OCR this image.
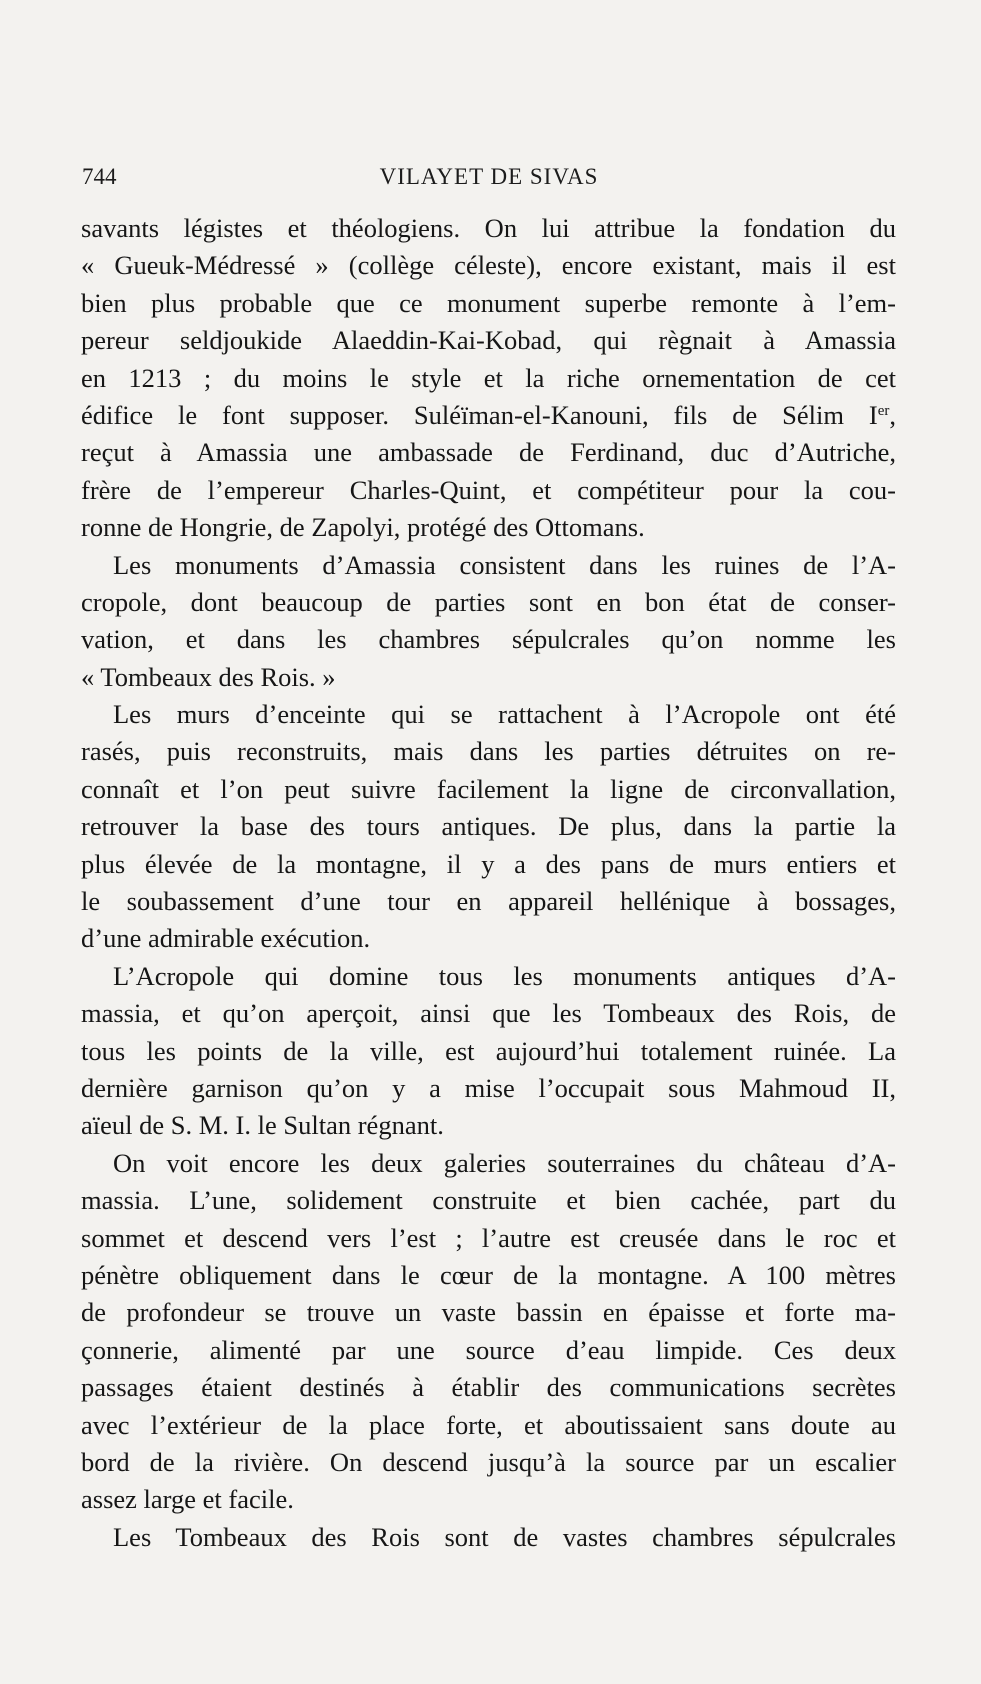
744	VILAYET DE SIVAS
savants légistes et théologiens. On lui attribue la fondation du
« Gueuk-Médressé » (collège céleste), encore existant, mais il est
bien plus probable que ce monument superbe remonte à l’em-
pereur seldjoukide Alaeddin-Kai-Kobad, qui règnait à Amassia
en 1213 ; du moins le style et la riche ornementation de cet
édifice le font supposer. Suléïman-el-Kanouni, fils de Sélim Ier,
reçut à Amassia une ambassade de Ferdinand, duc d’Autriche,
frère de l’empereur Charles-Quint, et compétiteur pour la cou-
ronne de Hongrie, de Zapolyi, protégé des Ottomans.
Les monuments d’Amassia consistent dans les ruines de l’A-
cropole, dont beaucoup de parties sont en bon état de conser-
vation, et dans les chambres sépulcrales qu’on nomme les
« Tombeaux des Rois. »
Les murs d’enceinte qui se rattachent à l’Acropole ont été
rasés, puis reconstruits, mais dans les parties détruites on re-
connaît et l’on peut suivre facilement la ligne de circonvallation,
retrouver la base des tours antiques. De plus, dans la partie la
plus élevée de la montagne, il y a des pans de murs entiers et
le soubassement d’une tour en appareil hellénique à bossages,
d’une admirable exécution.
L’Acropole qui domine tous les monuments antiques d’A-
massia, et qu’on aperçoit, ainsi que les Tombeaux des Rois, de
tous les points de la ville, est aujourd’hui totalement ruinée. La
dernière garnison qu’on y a mise l’occupait sous Mahmoud II,
aïeul de S. M. I. le Sultan régnant.
On voit encore les deux galeries souterraines du château d’A-
massia. L’une, solidement construite et bien cachée, part du
sommet et descend vers l’est ; l’autre est creusée dans le roc et
pénètre obliquement dans le cœur de la montagne. A 100 mètres
de profondeur se trouve un vaste bassin en épaisse et forte ma-
çonnerie, alimenté par une source d’eau limpide. Ces deux
passages étaient destinés à établir des communications secrètes
avec l’extérieur de la place forte, et aboutissaient sans doute au
bord de la rivière. On descend jusqu’à la source par un escalier
assez large et facile.
Les Tombeaux des Rois sont de vastes chambres sépulcrales
